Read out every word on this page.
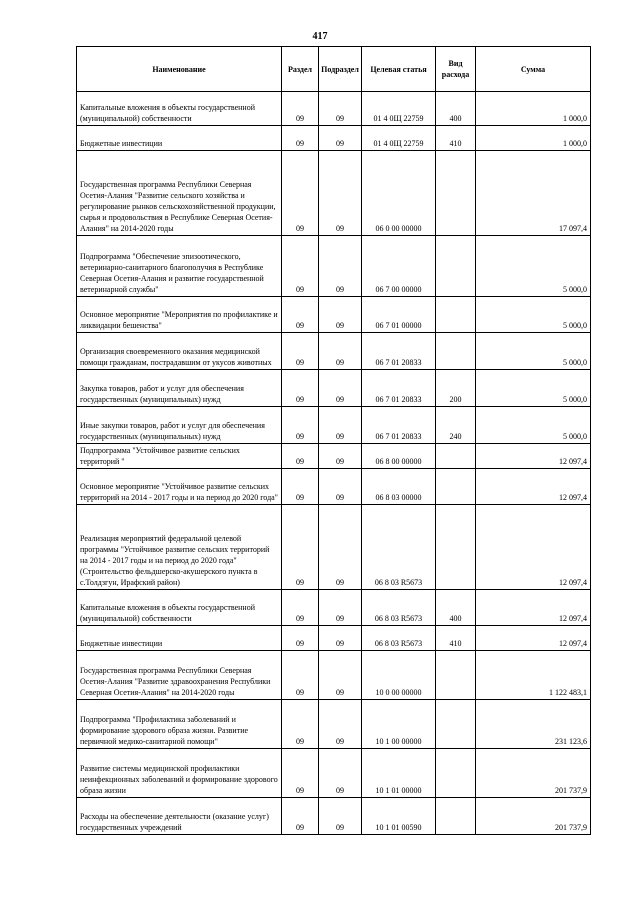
417
Наименование	Раздел	Подраздел	Целевая статья	Вид расхода	Сумма
Капитальные вложения в объекты государственной (муниципальной) собственности	09	09	01 4 0Щ 22759	400	1 000,0
Бюджетные инвестиции	09	09	01 4 0Щ 22759	410	1 000,0
Государственная программа Республики Северная Осетия-Алания "Развитие сельского хозяйства и регулирование рынков сельскохозяйственной продукции, сырья и продовольствия в Республике Северная Осетия-Алания" на 2014-2020 годы	09	09	06 0 00 00000		17 097,4
Подпрограмма "Обеспечение эпизоотического, ветеринарно-санитарного благополучия в Республике Северная Осетия-Алания и развитие государственной ветеринарной службы"	09	09	06 7 00 00000		5 000,0
Основное мероприятие "Мероприятия по профилактике и ликвидации бешенства"	09	09	06 7 01 00000		5 000,0
Организация своевременного оказания медицинской помощи гражданам, пострадавшим от укусов животных	09	09	06 7 01 20833		5 000,0
Закупка товаров, работ и услуг для обеспечения государственных (муниципальных) нужд	09	09	06 7 01 20833	200	5 000,0
Иные закупки товаров, работ и услуг для обеспечения государственных (муниципальных) нужд	09	09	06 7 01 20833	240	5 000,0
Подпрограмма "Устойчивое развитие сельских территорий "	09	09	06 8 00 00000		12 097,4
Основное мероприятие "Устойчивое развитие сельских территорий на 2014 - 2017 годы и на период до 2020 года"	09	09	06 8 03 00000		12 097,4
Реализация мероприятий федеральной целевой программы "Устойчивое развитие сельских территорий на 2014 - 2017 годы и на период до 2020 года" (Строительство фельдшерско-акушерского пункта в с.Толдзгун, Ирафский район)	09	09	06 8 03 R5673		12 097,4
Капитальные вложения в объекты государственной (муниципальной) собственности	09	09	06 8 03 R5673	400	12 097,4
Бюджетные инвестиции	09	09	06 8 03 R5673	410	12 097,4
Государственная программа Республики Северная Осетия-Алания "Развитие здравоохранения Республики Северная Осетия-Алания" на 2014-2020 годы	09	09	10 0 00 00000		1 122 483,1
Подпрограмма "Профилактика заболеваний и формирование здорового образа жизни. Развитие первичной медико-санитарной помощи"	09	09	10 1 00 00000		231 123,6
Развитие системы медицинской профилактики неинфекционных заболеваний и формирование здорового образа жизни	09	09	10 1 01 00000		201 737,9
Расходы на обеспечение деятельности (оказание услуг) государственных учреждений	09	09	10 1 01 00590		201 737,9
